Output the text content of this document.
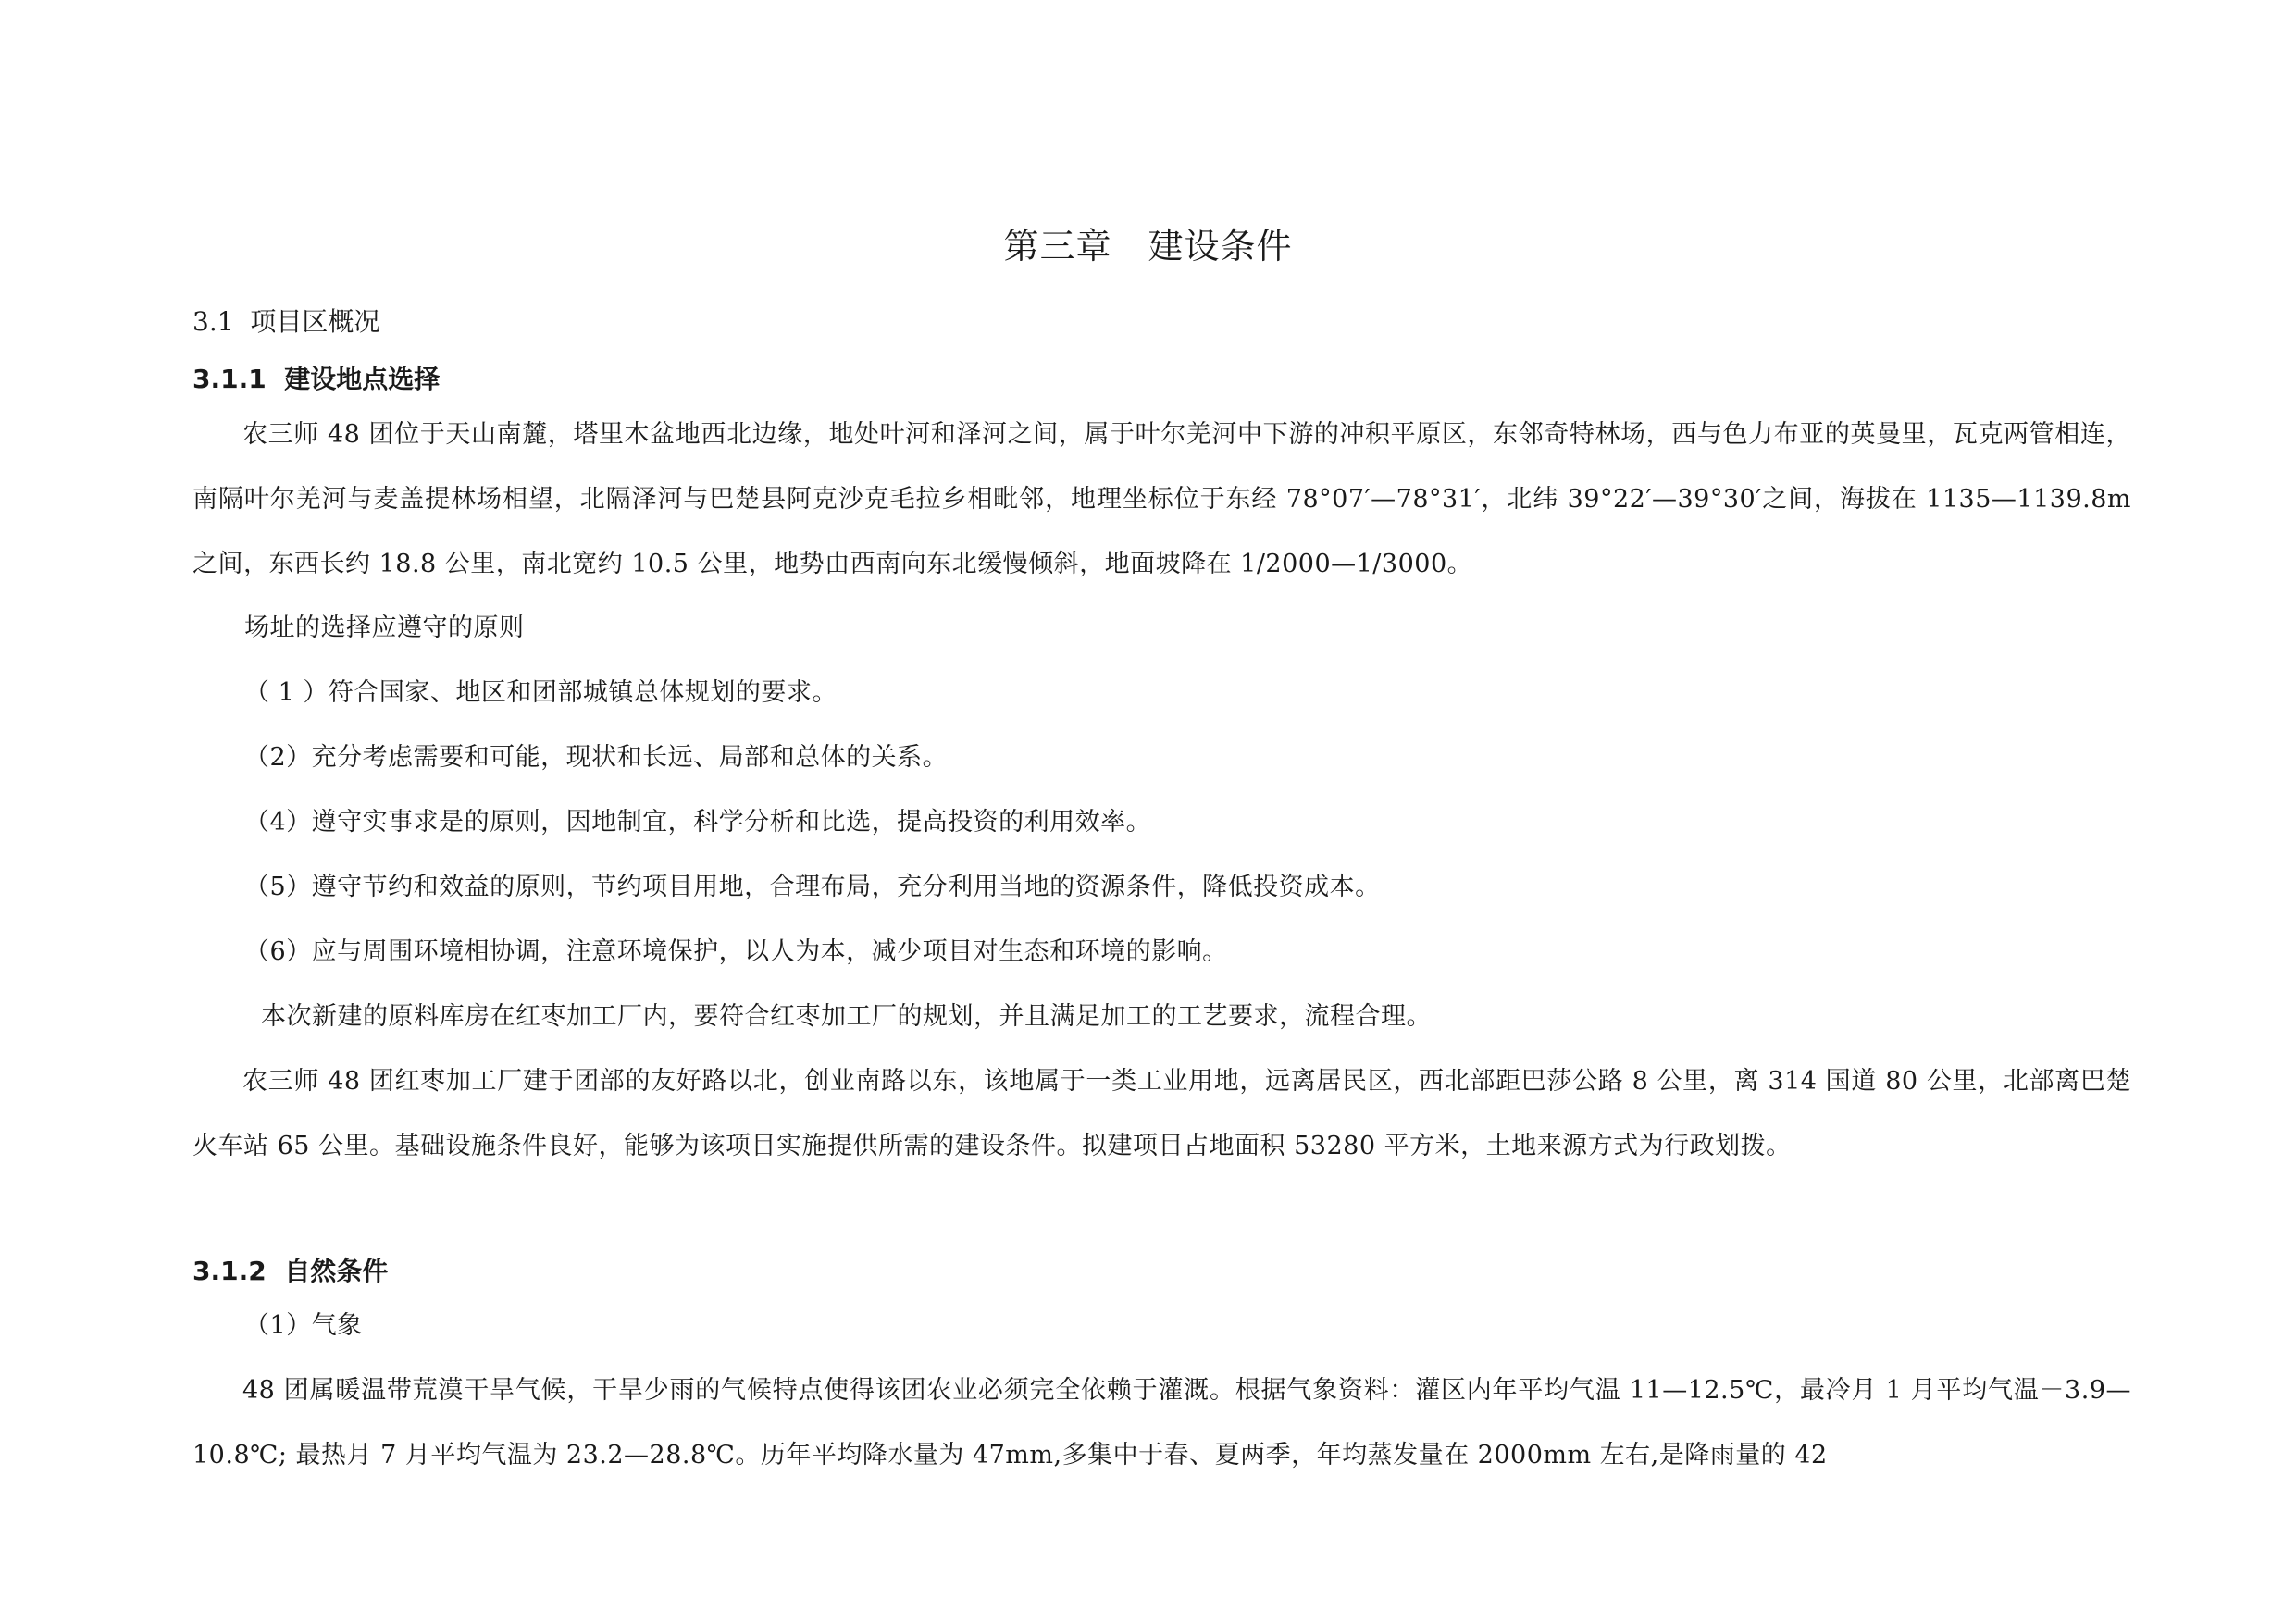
第三章　建设条件
3.1  项目区概况
3.1.1  建设地点选择
农三师 48 团位于天山南麓，塔里木盆地西北边缘，地处叶河和泽河之间，属于叶尔羌河中下游的冲积平原区，东邻奇特林场，西与色力布亚的英曼里，瓦克两管相连，南隔叶尔羌河与麦盖提林场相望，北隔泽河与巴楚县阿克沙克毛拉乡相毗邻，地理坐标位于东经 78°07′—78°31′，北纬 39°22′—39°30′之间，海拔在 1135—1139.8m 之间，东西长约 18.8 公里，南北宽约 10.5 公里，地势由西南向东北缓慢倾斜，地面坡降在 1/2000—1/3000。
场址的选择应遵守的原则
（ 1 ）符合国家、地区和团部城镇总体规划的要求。
（2）充分考虑需要和可能，现状和长远、局部和总体的关系。
（4）遵守实事求是的原则，因地制宜，科学分析和比选，提高投资的利用效率。
（5）遵守节约和效益的原则，节约项目用地，合理布局，充分利用当地的资源条件，降低投资成本。
（6）应与周围环境相协调，注意环境保护，以人为本，减少项目对生态和环境的影响。
本次新建的原料库房在红枣加工厂内，要符合红枣加工厂的规划，并且满足加工的工艺要求，流程合理。
农三师 48 团红枣加工厂建于团部的友好路以北，创业南路以东，该地属于一类工业用地，远离居民区，西北部距巴莎公路 8 公里，离 314 国道 80 公里，北部离巴楚火车站 65 公里。基础设施条件良好，能够为该项目实施提供所需的建设条件。拟建项目占地面积 53280 平方米，土地来源方式为行政划拨。
3.1.2  自然条件
（1）气象
48 团属暖温带荒漠干旱气候，干旱少雨的气候特点使得该团农业必须完全依赖于灌溉。根据气象资料：灌区内年平均气温 11—12.5℃，最冷月 1 月平均气温－3.9—10.8℃; 最热月 7 月平均气温为 23.2—28.8℃。历年平均降水量为 47mm,多集中于春、夏两季，年均蒸发量在 2000mm 左右,是降雨量的 42
